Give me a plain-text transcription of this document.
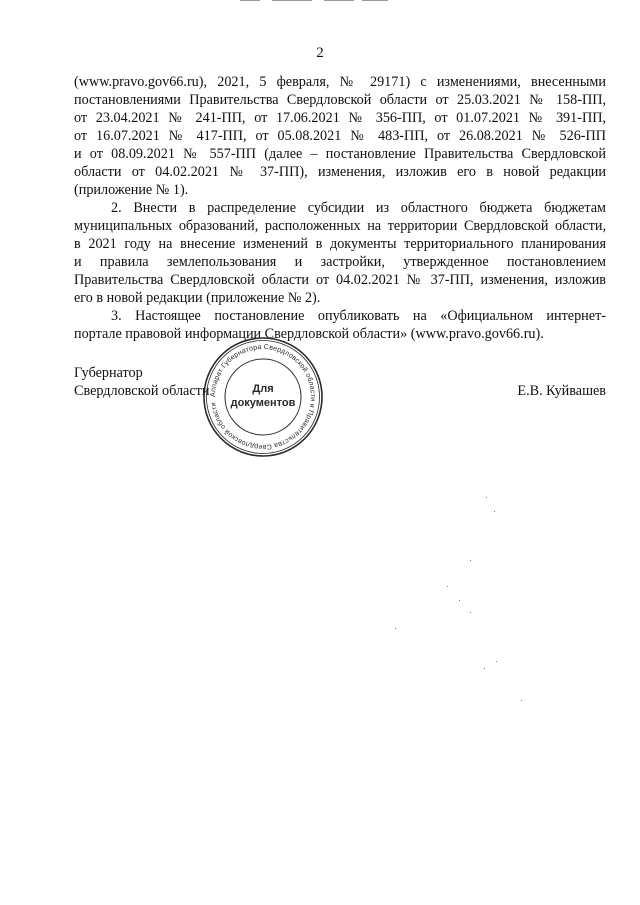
2

(www.pravo.gov66.ru), 2021, 5 февраля, № 29171) с изменениями, внесенными
постановлениями Правительства Свердловской области от 25.03.2021 № 158-ПП,
от 23.04.2021 № 241-ПП, от 17.06.2021 № 356-ПП, от 01.07.2021 № 391-ПП,
от 16.07.2021 № 417-ПП, от 05.08.2021 № 483-ПП, от 26.08.2021 № 526-ПП
и от 08.09.2021 № 557-ПП (далее – постановление Правительства Свердловской
области от 04.02.2021 № 37-ПП), изменения, изложив его в новой редакции
(приложение № 1).

2. Внести в распределение субсидии из областного бюджета бюджетам
муниципальных образований, расположенных на территории Свердловской области,
в 2021 году на внесение изменений в документы территориального планирования
и правила землепользования и застройки, утвержденное постановлением
Правительства Свердловской области от 04.02.2021 № 37-ПП, изменения, изложив
его в новой редакции (приложение № 2).

3. Настоящее постановление опубликовать на «Официальном интернет-
портале правовой информации Свердловской области» (www.pravo.gov66.ru).

Губернатор
Свердловской области	Е.В. Куйвашев
Аппарат Губернатора Свердловской области и Правительства Свердловской области
Для
документов
